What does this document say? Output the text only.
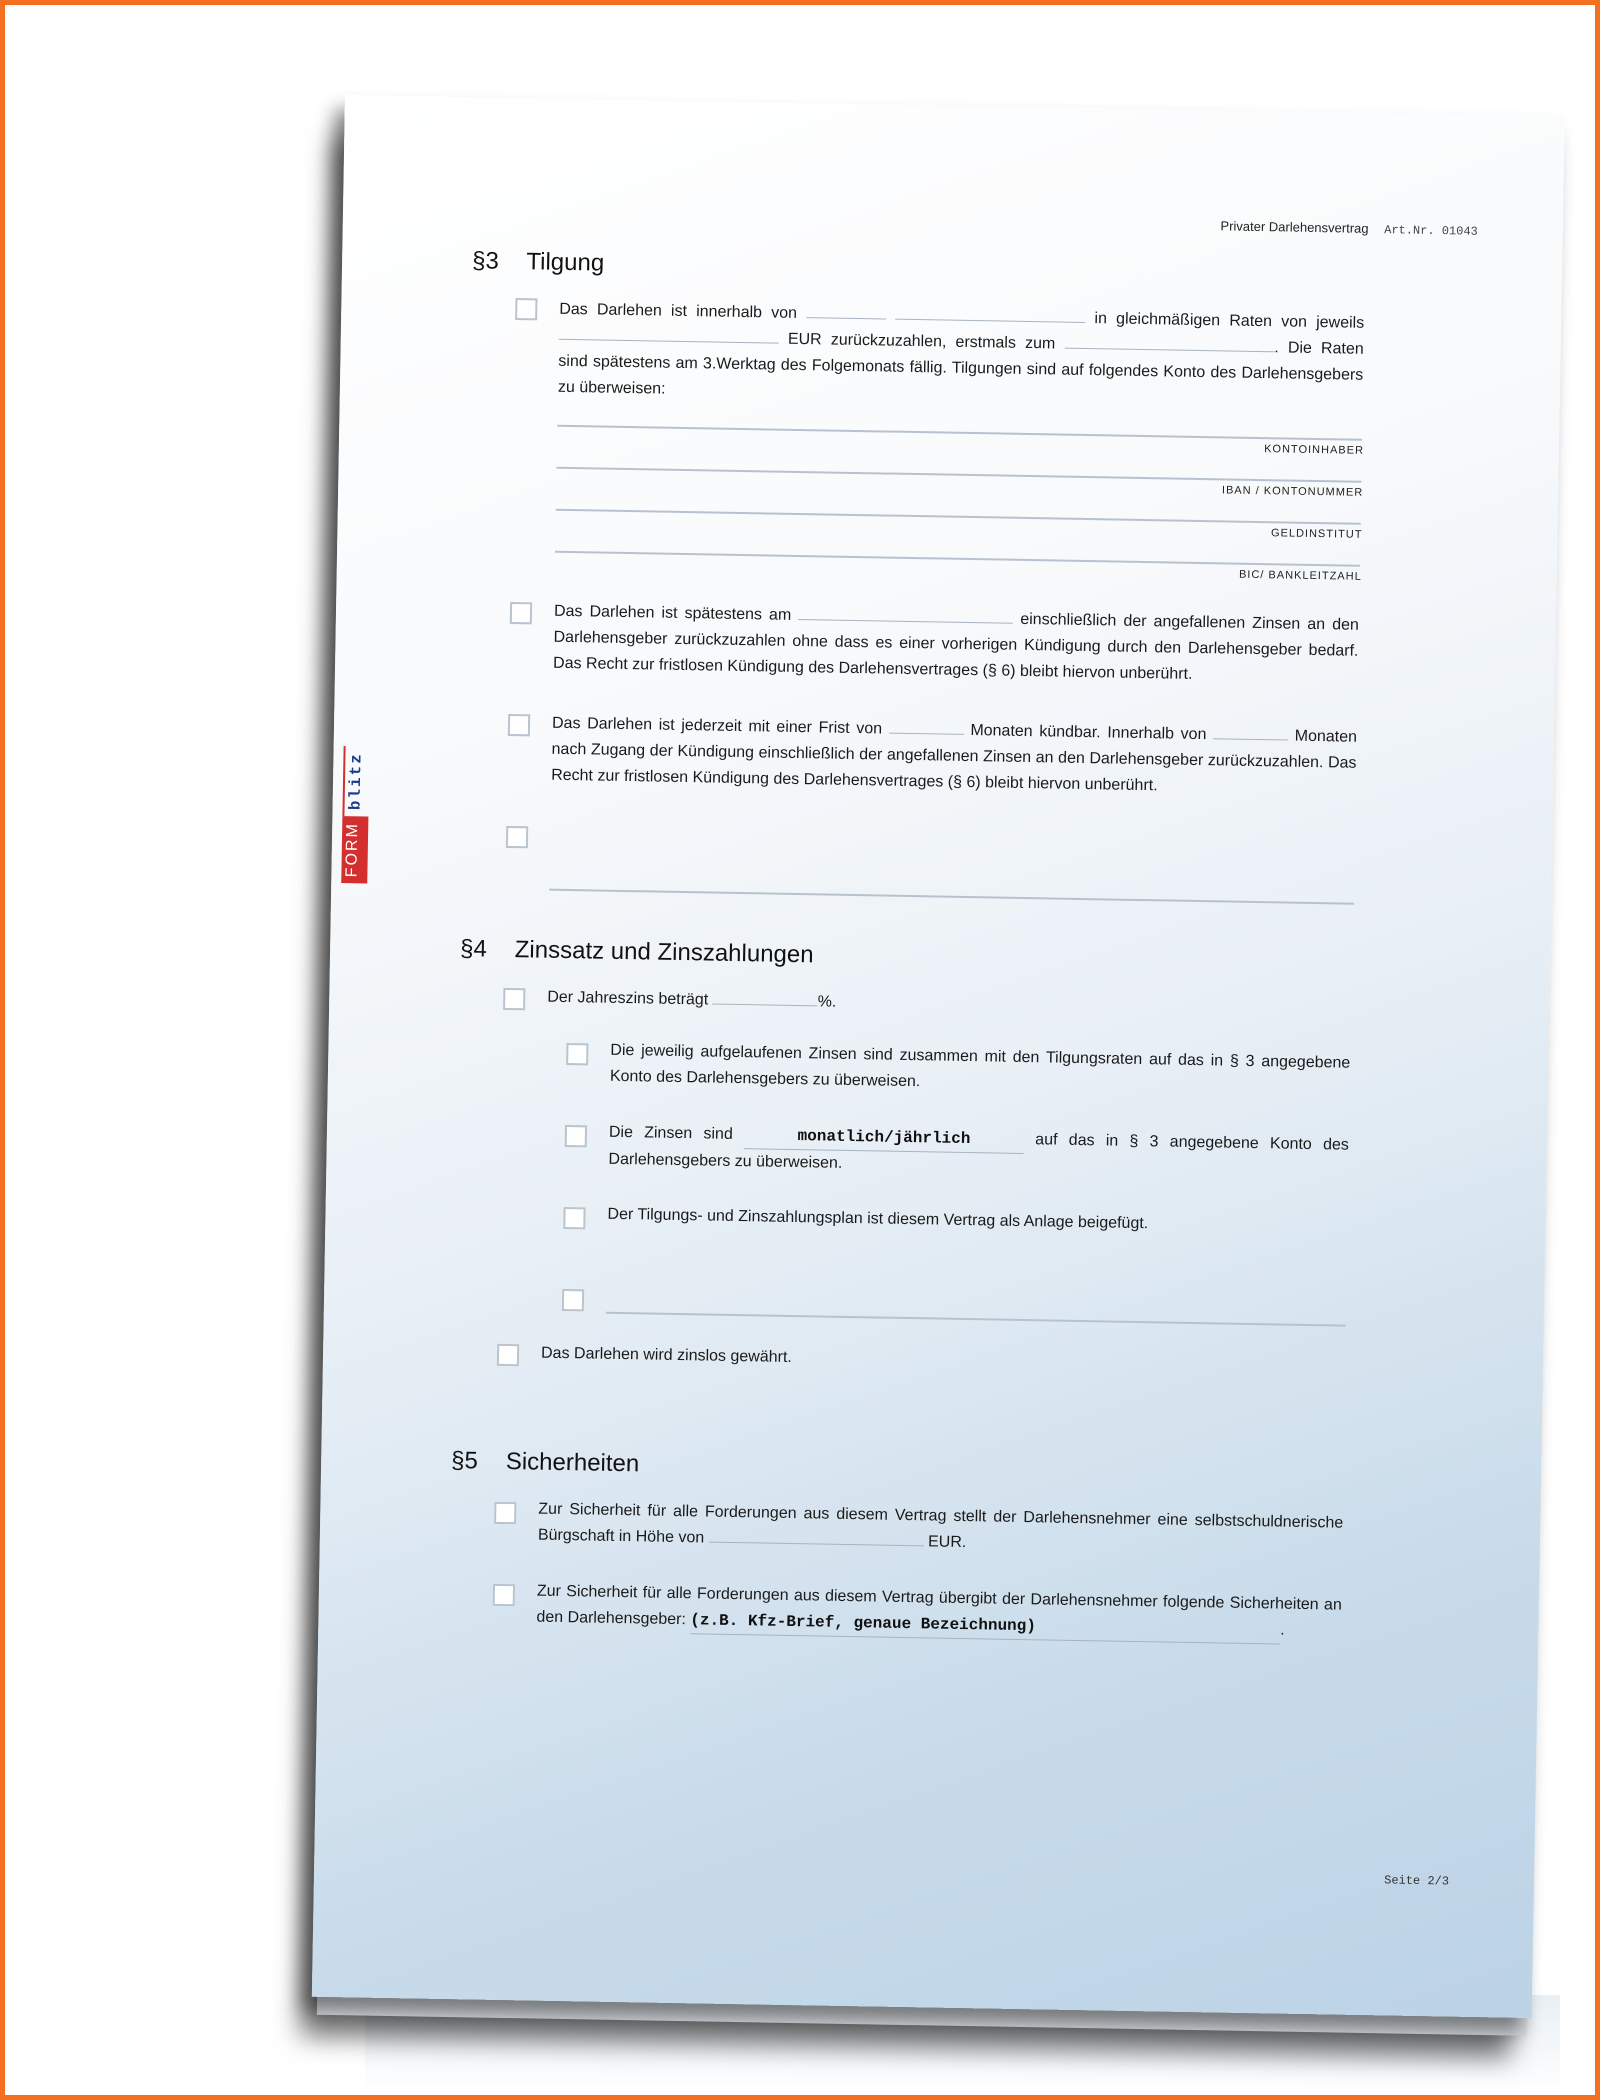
Privater Darlehensvertrag Art.Nr. 01043
FORM
blitz
§3 Tilgung
Das Darlehen ist innerhalb von	in gleichmäßigen Raten von jeweils  EUR zurückzuzahlen, erstmals zum	. Die Raten sind spätestens am 3.Werktag des Folgemonats fällig. Tilgungen sind auf folgendes Konto des Darlehensgebers zu überweisen:
KONTOINHABER
IBAN / KONTONUMMER
GELDINSTITUT
BIC/ BANKLEITZAHL
Das Darlehen ist spätestens am	einschließlich der angefallenen Zinsen an den Darlehensgeber zurückzuzahlen ohne dass es einer vorherigen Kündigung durch den Darlehensgeber bedarf. Das Recht zur fristlosen Kündigung des Darlehensvertrages (§ 6) bleibt hiervon unberührt.
Das Darlehen ist jederzeit mit einer Frist von	Monaten kündbar. Innerhalb von	Monaten nach Zugang der Kündigung einschließlich der angefallenen Zinsen an den Darlehensgeber zurückzuzahlen. Das Recht zur fristlosen Kündigung des Darlehensvertrages (§ 6) bleibt hiervon unberührt.
§4 Zinssatz und Zinszahlungen
Der Jahreszins beträgt	%.
Die jeweilig aufgelaufenen Zinsen sind zusammen mit den Tilgungsraten auf das in § 3 angegebene Konto des Darlehensgebers zu überweisen.
Die Zinsen sind	monatlich/jährlich	auf das in § 3 angegebene Konto des Darlehensgebers zu überweisen.
Der Tilgungs- und Zinszahlungsplan ist diesem Vertrag als Anlage beigefügt.
Das Darlehen wird zinslos gewährt.
§5 Sicherheiten
Zur Sicherheit für alle Forderungen aus diesem Vertrag stellt der Darlehensnehmer eine selbstschuldnerische Bürgschaft in Höhe von	EUR.
Zur Sicherheit für alle Forderungen aus diesem Vertrag übergibt der Darlehensnehmer folgende Sicherheiten an den Darlehensgeber: (z.B. Kfz-Brief, genaue Bezeichnung)	.
Seite 2/3
